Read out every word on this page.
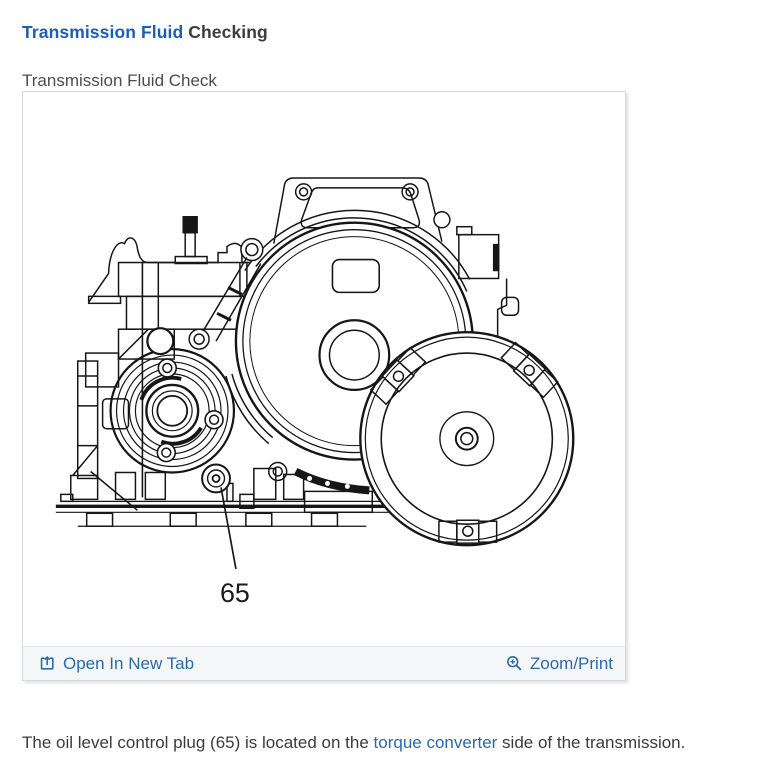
Transmission Fluid Checking
Transmission Fluid Check
65
Open In New Tab	Zoom/Print

The oil level control plug (65) is located on the torque converter side of the transmission.
